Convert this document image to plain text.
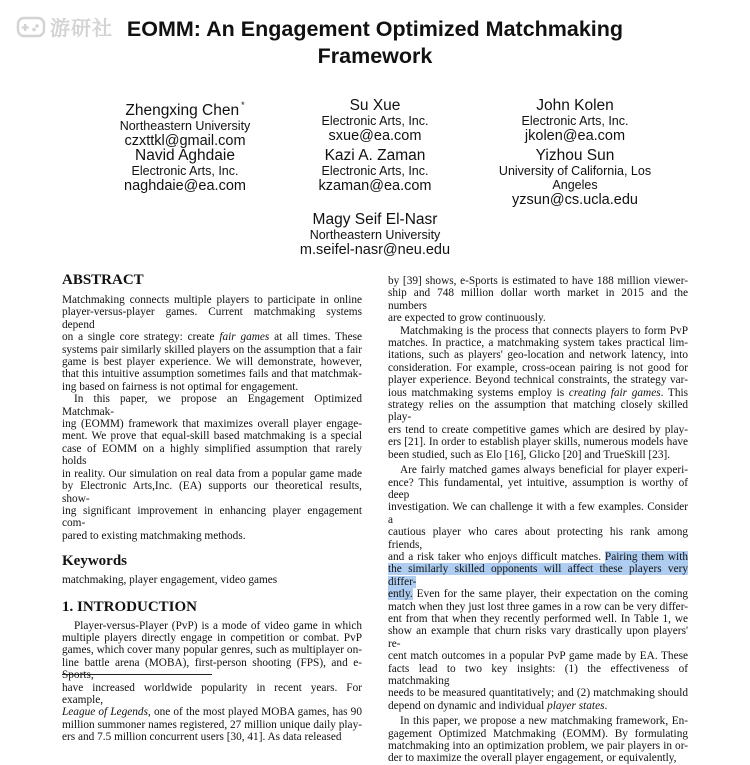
游研社 EOMM: An Engagement Optimized Matchmaking
Framework
Zhengxing Chen *
Northeastern University
czxttkl@gmail.com
Su Xue
Electronic Arts, Inc.
sxue@ea.com
John Kolen
Electronic Arts, Inc.
jkolen@ea.com
Navid Aghdaie
Electronic Arts, Inc.
naghdaie@ea.com
Kazi A. Zaman
Electronic Arts, Inc.
kzaman@ea.com
Yizhou Sun
University of California, Los
Angeles
yzsun@cs.ucla.edu
Magy Seif El-Nasr
Northeastern University
m.seifel-nasr@neu.edu
ABSTRACT

Matchmaking connects multiple players to participate in online
player-versus-player games. Current matchmaking systems depend
on a single core strategy: create fair games at all times. These
systems pair similarly skilled players on the assumption that a fair
game is best player experience. We will demonstrate, however,
that this intuitive assumption sometimes fails and that matchmak-
ing based on fairness is not optimal for engagement.

In this paper, we propose an Engagement Optimized Matchmak-
ing (EOMM) framework that maximizes overall player engage-
ment. We prove that equal-skill based matchmaking is a special
case of EOMM on a highly simplified assumption that rarely holds
in reality. Our simulation on real data from a popular game made
by Electronic Arts,Inc. (EA) supports our theoretical results, show-
ing significant improvement in enhancing player engagement com-
pared to existing matchmaking methods.

Keywords

matchmaking, player engagement, video games

1. INTRODUCTION

Player-versus-Player (PvP) is a mode of video game in which
multiple players directly engage in competition or combat. PvP
games, which cover many popular genres, such as multiplayer on-
line battle arena (MOBA), first-person shooting (FPS), and e-Sports,
have increased worldwide popularity in recent years. For example,
League of Legends, one of the most played MOBA games, has 90
million summoner names registered, 27 million unique daily play-
ers and 7.5 million concurrent users [30, 41]. As data released

by [39] shows, e-Sports is estimated to have 188 million viewer-
ship and 748 million dollar worth market in 2015 and the numbers
are expected to grow continuously.

Matchmaking is the process that connects players to form PvP
matches. In practice, a matchmaking system takes practical lim-
itations, such as players' geo-location and network latency, into
consideration. For example, cross-ocean pairing is not good for
player experience. Beyond technical constraints, the strategy var-
ious matchmaking systems employ is creating fair games. This
strategy relies on the assumption that matching closely skilled play-
ers tend to create competitive games which are desired by play-
ers [21]. In order to establish player skills, numerous models have
been studied, such as Elo [16], Glicko [20] and TrueSkill [23].

Are fairly matched games always beneficial for player experi-
ence? This fundamental, yet intuitive, assumption is worthy of deep
investigation. We can challenge it with a few examples. Consider a
cautious player who cares about protecting his rank among friends,
and a risk taker who enjoys difficult matches. Pairing them with
the similarly skilled opponents will affect these players very differ-
ently. Even for the same player, their expectation on the coming
match when they just lost three games in a row can be very differ-
ent from that when they recently performed well. In Table 1, we
show an example that churn risks vary drastically upon players' re-
cent match outcomes in a popular PvP game made by EA. These
facts lead to two key insights: (1) the effectiveness of matchmaking
needs to be measured quantitatively; and (2) matchmaking should
depend on dynamic and individual player states.

In this paper, we propose a new matchmaking framework, En-
gagement Optimized Matchmaking (EOMM). By formulating
matchmaking into an optimization problem, we pair players in or-
der to maximize the overall player engagement, or equivalently,
